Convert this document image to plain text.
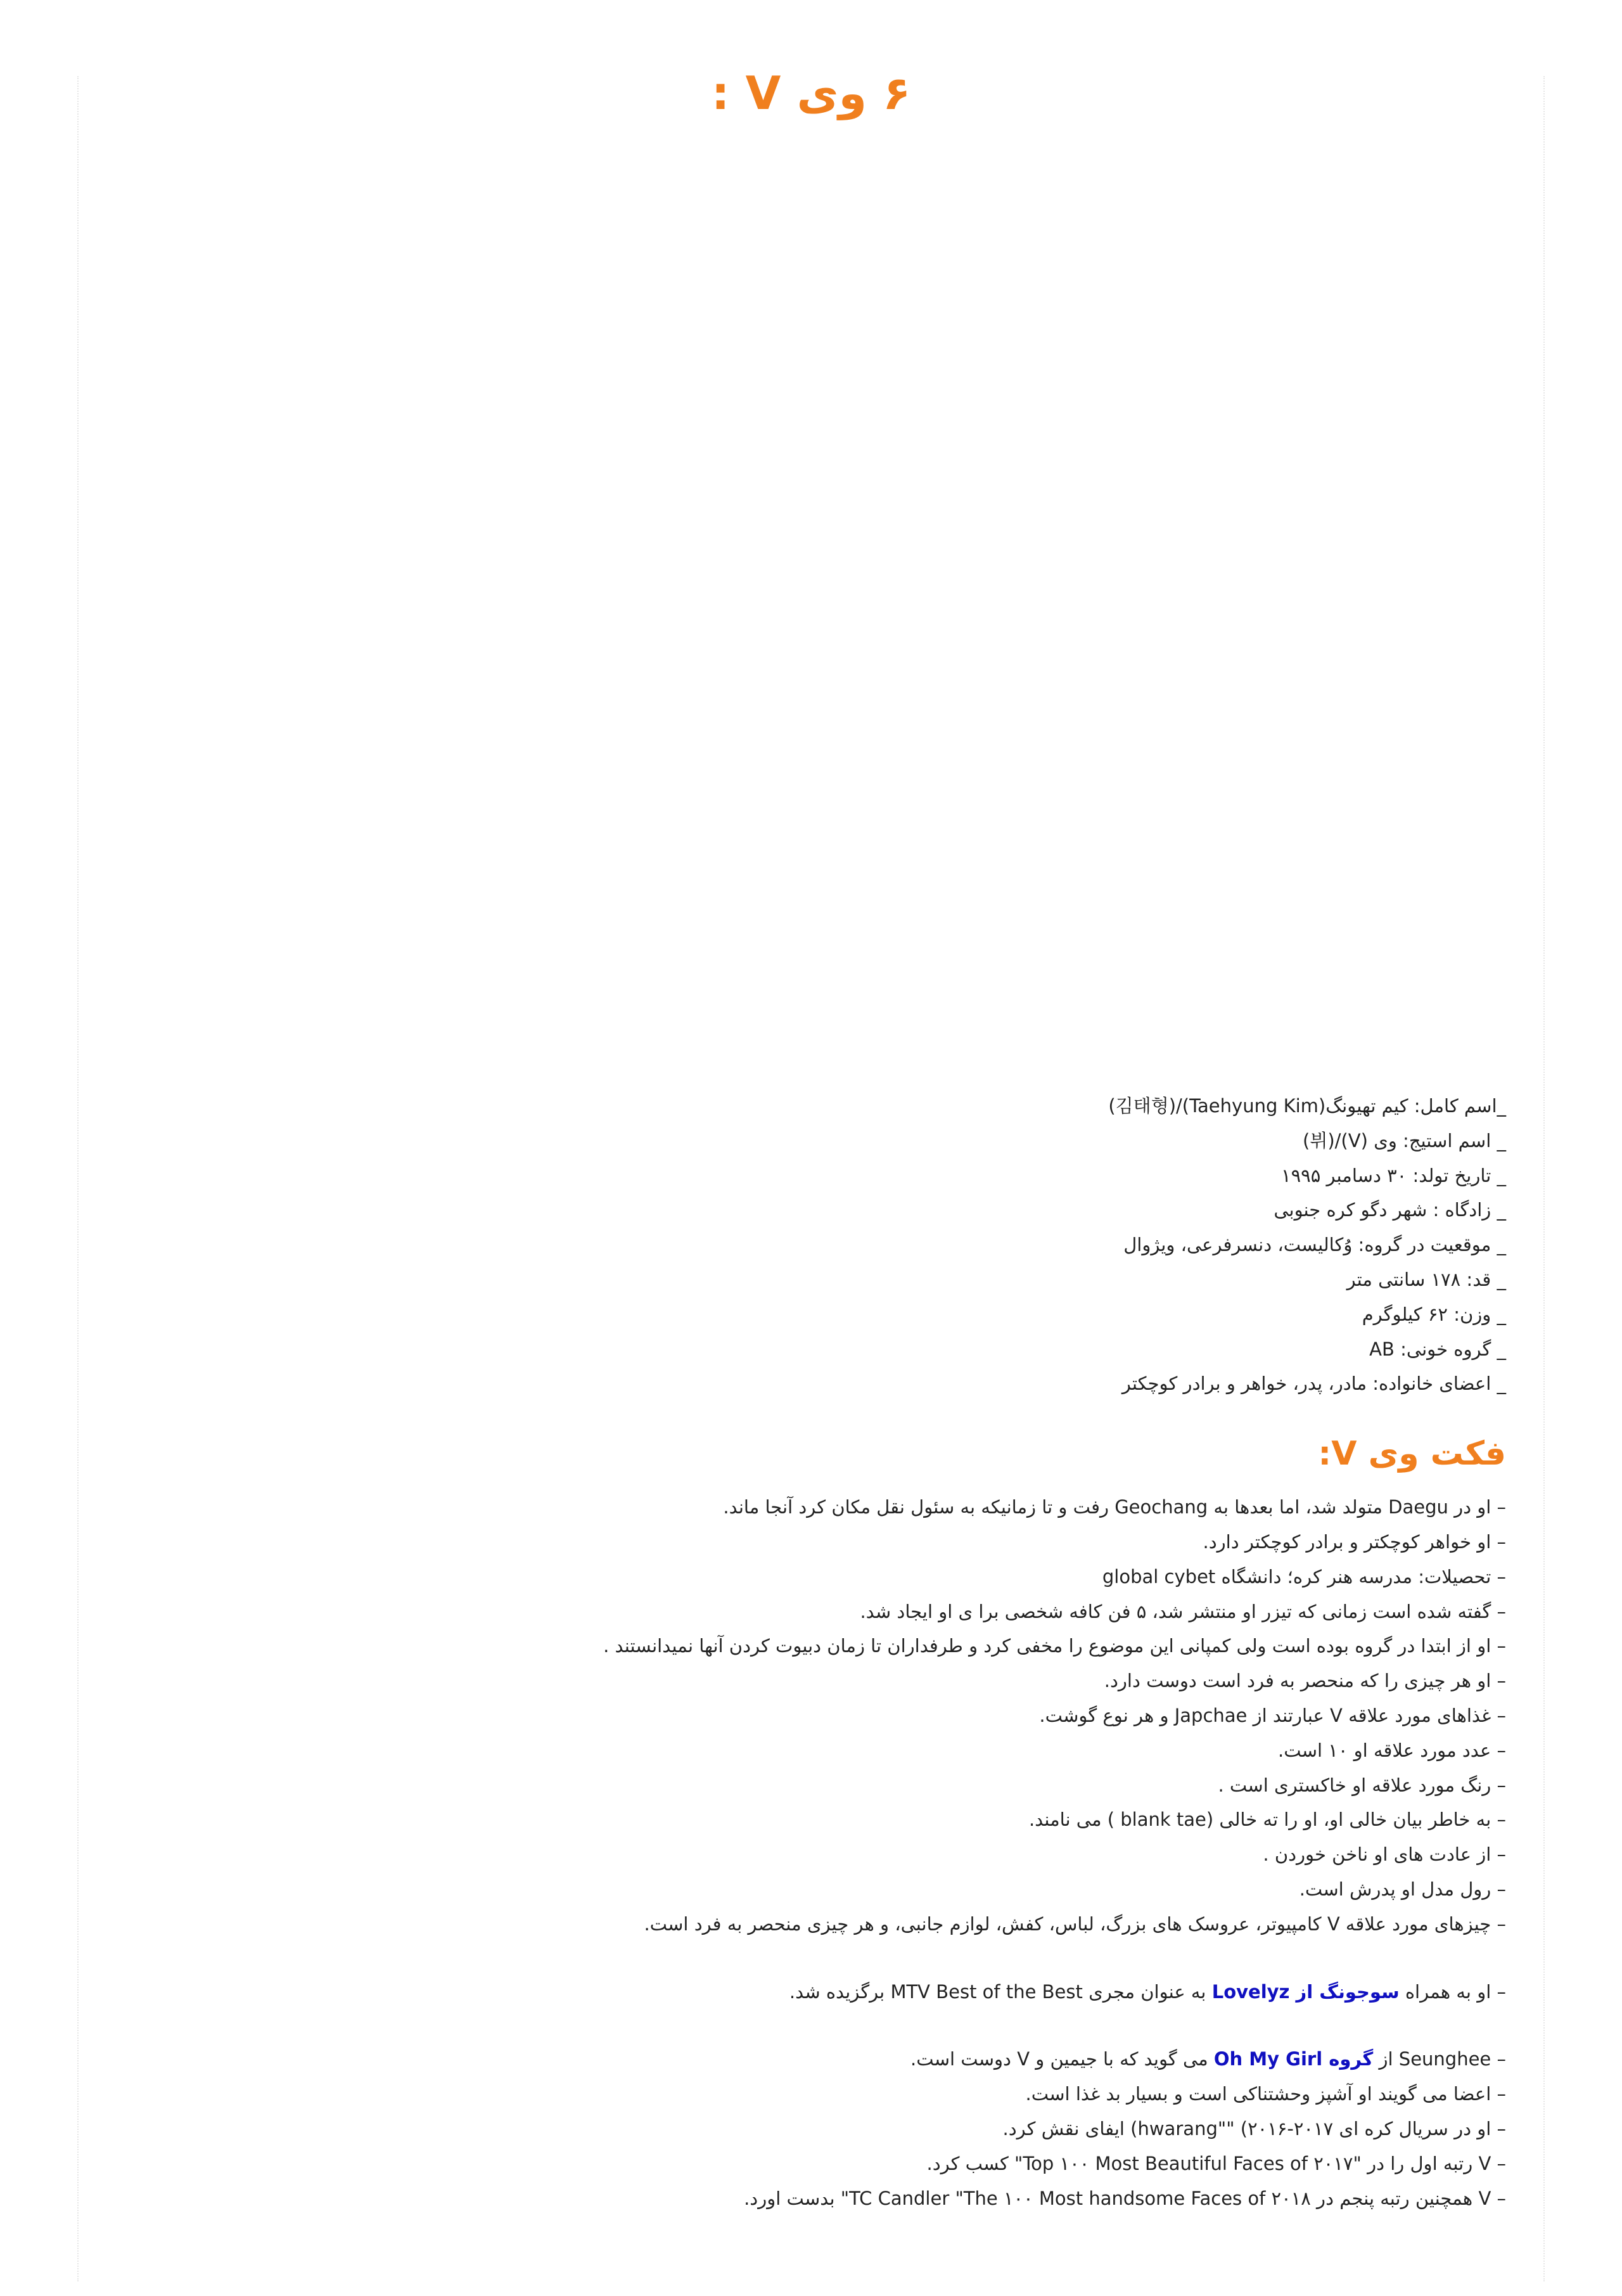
۶ وی V :

_اسم کامل: کیم تهیونگ(Taehyung Kim)/(김태형)

_ اسم استیج: وی (V)/(뷔)

_ تاریخ تولد: ۳۰ دسامبر ۱۹۹۵

_ زادگاه : شهر دگو کره جنوبی

_ موقعیت در گروه: وُکالیست، دنسرفرعی، ویژوال

_ قد: ۱۷۸ سانتی متر

_ وزن: ۶۲ کیلوگرم

_ گروه خونی: AB

_ اعضای خانواده: مادر، پدر، خواهر و برادر کوچکتر

فکت وی V:

– او در Daegu متولد شد، اما بعدها به Geochang رفت و تا زمانیکه به سئول نقل مکان کرد آنجا ماند.

– او خواهر کوچکتر و برادر کوچکتر دارد.

– تحصیلات: مدرسه هنر کره؛ دانشگاه global cybet

– گفته شده است زمانی که تیزر او منتشر شد، ۵ فن کافه شخصی برا ی او ایجاد شد.

– او از ابتدا در گروه بوده است ولی کمپانی این موضوع را مخفی کرد و طرفداران تا زمان دبیوت کردن آنها نمیدانستند .

– او هر چیزی را که منحصر به فرد است دوست دارد.

– غذاهای مورد علاقه V عبارتند از Japchae و هر نوع گوشت.

– عدد مورد علاقه او ۱۰ است.

– رنگ مورد علاقه او خاکستری است .

– به خاطر بیان خالی او، او را ته خالی (blank tae ) می نامند.

– از عادت های او ناخن خوردن .

– رول مدل او پدرش است.

– چیزهای مورد علاقه V کامپیوتر، عروسک های بزرگ، لباس، کفش، لوازم جانبی، و هر چیزی منحصر به فرد است.

– او به همراه سوجونگ از Lovelyz به عنوان مجری MTV Best of the Best برگزیده شد.

– Seunghee از گروه Oh My Girl می گوید که با جیمین و V دوست است.

– اعضا می گویند او آشپز وحشتناکی است و بسیار بد غذا است.

– او در سریال کره ای ۲۰۱۷-۲۰۱۶) ""hwarang) ایفای نقش کرد.

– V رتبه اول را در "Top ۱۰۰ Most Beautiful Faces of ۲۰۱۷" کسب کرد.

– V همچنین رتبه پنجم در TC Candler "The ۱۰۰ Most handsome Faces of ۲۰۱۸" بدست اورد.
